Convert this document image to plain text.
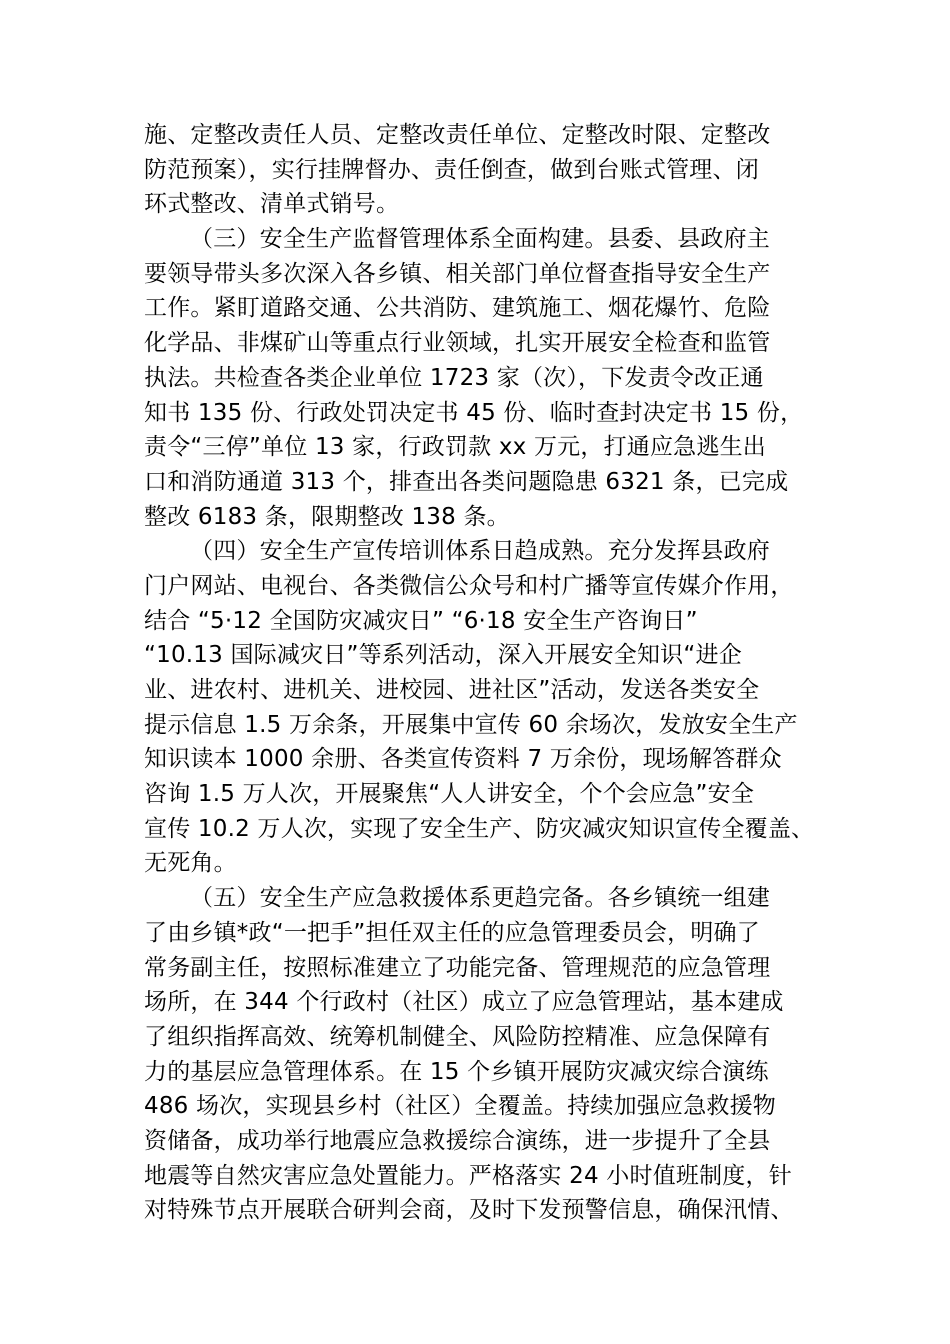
施、定整改责任人员、定整改责任单位、定整改时限、定整改
防范预案），实行挂牌督办、责任倒查，做到台账式管理、闭
环式整改、清单式销号。
（三）安全生产监督管理体系全面构建。县委、县政府主
要领导带头多次深入各乡镇、相关部门单位督查指导安全生产
工作。紧盯道路交通、公共消防、建筑施工、烟花爆竹、危险
化学品、非煤矿山等重点行业领域，扎实开展安全检查和监管
执法。共检查各类企业单位 1723 家（次），下发责令改正通
知书 135 份、行政处罚决定书 45 份、临时查封决定书 15 份，
责令“三停”单位 13 家，行政罚款 xx 万元，打通应急逃生出
口和消防通道 313 个，排查出各类问题隐患 6321 条，已完成
整改 6183 条，限期整改 138 条。
（四）安全生产宣传培训体系日趋成熟。充分发挥县政府
门户网站、电视台、各类微信公众号和村广播等宣传媒介作用，
结合 “5·12 全国防灾减灾日” “6·18 安全生产咨询日”
“10.13 国际减灾日”等系列活动，深入开展安全知识“进企
业、进农村、进机关、进校园、进社区”活动，发送各类安全
提示信息 1.5 万余条，开展集中宣传 60 余场次，发放安全生产
知识读本 1000 余册、各类宣传资料 7 万余份，现场解答群众
咨询 1.5 万人次，开展聚焦“人人讲安全，个个会应急”安全
宣传 10.2 万人次，实现了安全生产、防灾减灾知识宣传全覆盖、
无死角。
（五）安全生产应急救援体系更趋完备。各乡镇统一组建
了由乡镇*政“一把手”担任双主任的应急管理委员会，明确了
常务副主任，按照标准建立了功能完备、管理规范的应急管理
场所，在 344 个行政村（社区）成立了应急管理站，基本建成
了组织指挥高效、统筹机制健全、风险防控精准、应急保障有
力的基层应急管理体系。在 15 个乡镇开展防灾减灾综合演练
486 场次，实现县乡村（社区）全覆盖。持续加强应急救援物
资储备，成功举行地震应急救援综合演练，进一步提升了全县
地震等自然灾害应急处置能力。严格落实 24 小时值班制度，针
对特殊节点开展联合研判会商，及时下发预警信息，确保汛情、
